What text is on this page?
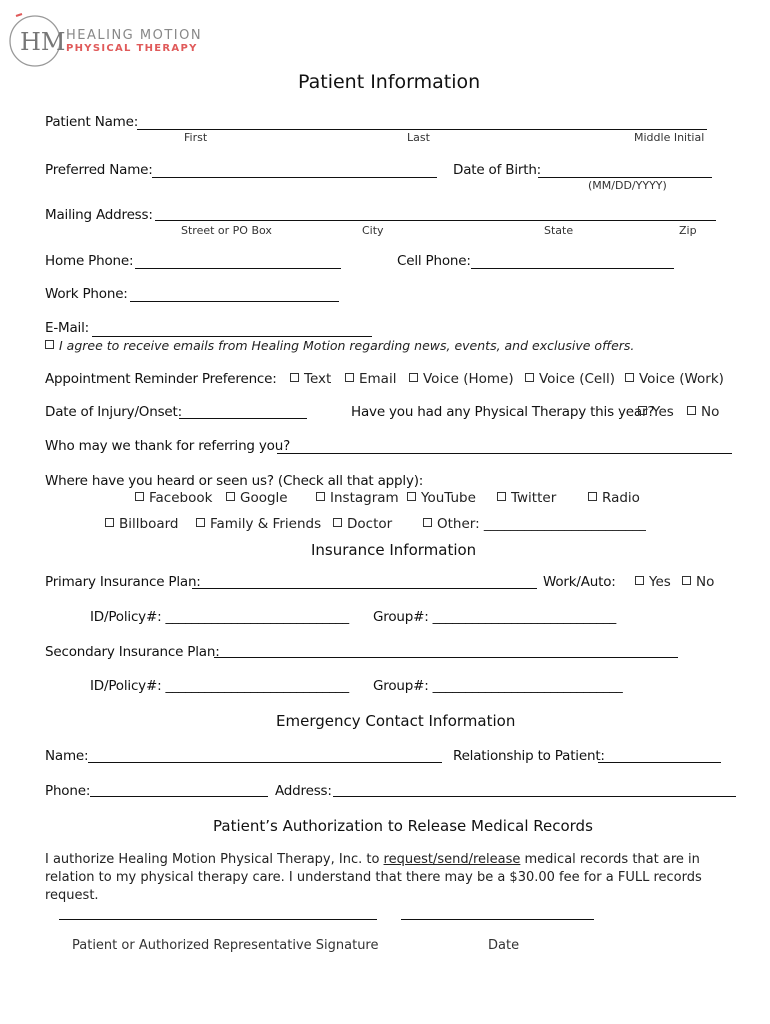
HM HEALING MOTION
PHYSICAL THERAPY
Patient Information
Patient Name:
First	Last	Middle Initial
Preferred Name:	Date of Birth:
(MM/DD/YYYY)
Mailing Address:
Street or PO Box	City	State	Zip
Home Phone:	Cell Phone:
Work Phone:
E-Mail:
I agree to receive emails from Healing Motion regarding news, events, and exclusive offers.
Appointment Reminder Preference:	Text	Email	Voice (Home)	Voice (Cell)	Voice (Work)
Date of Injury/Onset:	Have you had any Physical Therapy this year?
Yes	No
Who may we thank for referring you?
Where have you heard or seen us? (Check all that apply):
Facebook	Google	Instagram	YouTube	Twitter	Radio
Billboard	Family & Friends	Doctor	Other: ________________________
Insurance Information
Primary Insurance Plan:	Work/Auto:	Yes	No
ID/Policy#: ____________________________ Group#: ____________________________
Secondary Insurance Plan:
ID/Policy#: ____________________________ Group#: _____________________________
Emergency Contact Information
Name:	Relationship to Patient:
Phone:	Address:
Patient’s Authorization to Release Medical Records
I authorize Healing Motion Physical Therapy, Inc. to request/send/release medical records that are in relation to my physical therapy care. I understand that there may be a $30.00 fee for a FULL records request.
Patient or Authorized Representative Signature	Date
